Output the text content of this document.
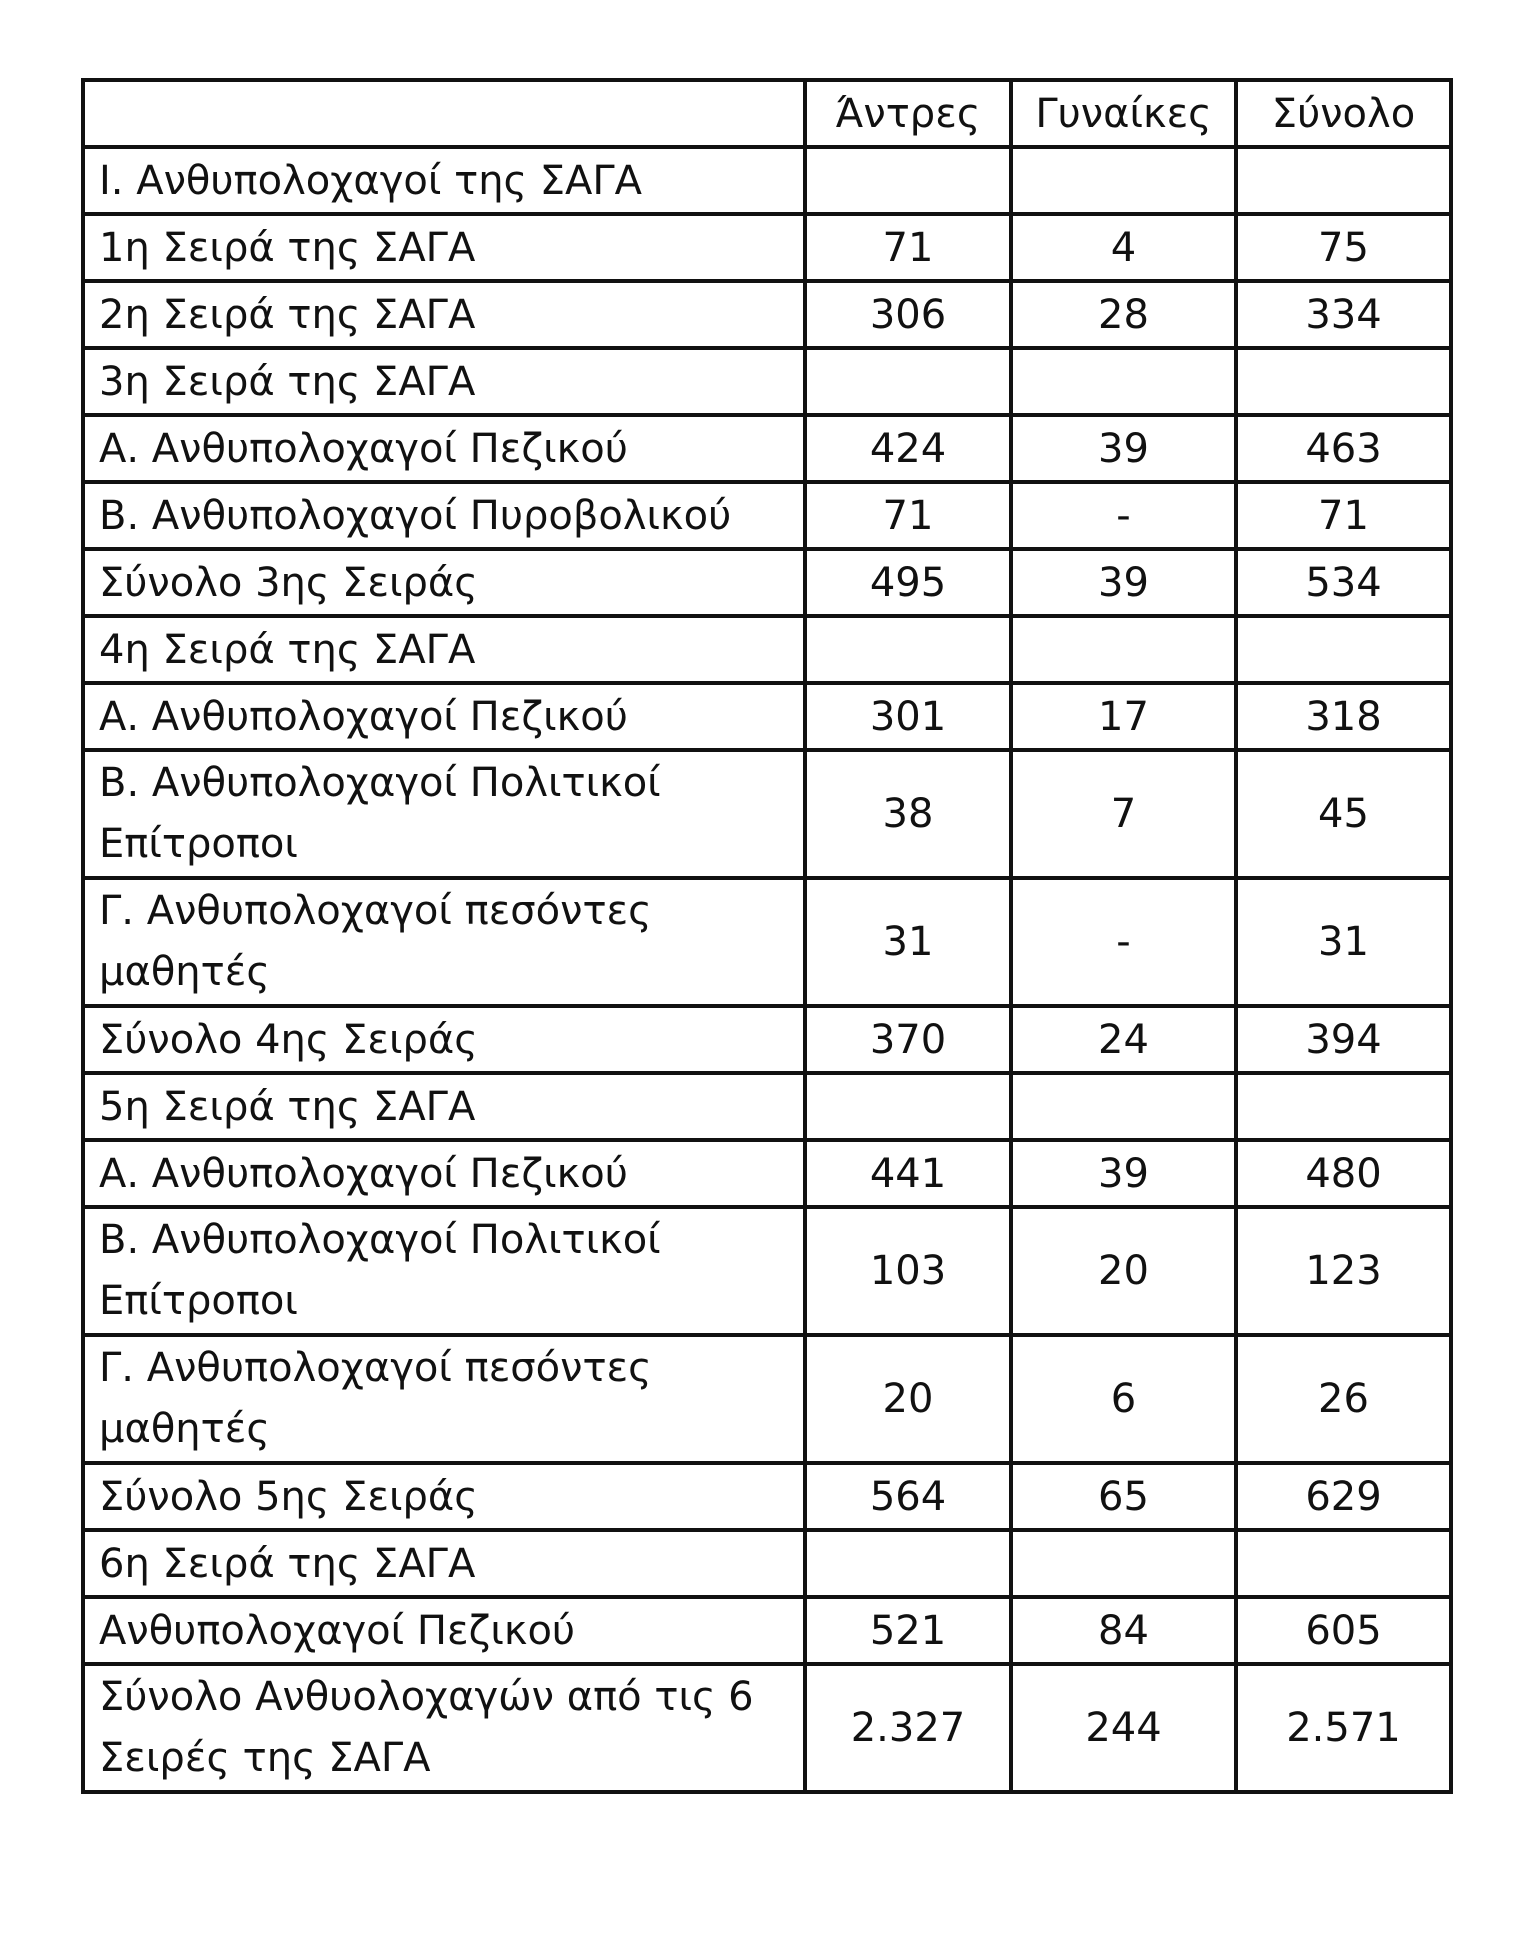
	Άντρες	Γυναίκες	Σύνολο
Ι. Ανθυπολοχαγοί της ΣΑΓΑ			
1η Σειρά της ΣΑΓΑ	71	4	75
2η Σειρά της ΣΑΓΑ	306	28	334
3η Σειρά της ΣΑΓΑ			
Α. Ανθυπολοχαγοί Πεζικού	424	39	463
Β. Ανθυπολοχαγοί Πυροβολικού	71	-	71
Σύνολο 3ης Σειράς	495	39	534
4η Σειρά της ΣΑΓΑ			
Α. Ανθυπολοχαγοί Πεζικού	301	17	318
Β. Ανθυπολοχαγοί Πολιτικοί Επίτροποι	38	7	45
Γ. Ανθυπολοχαγοί πεσόντες μαθητές	31	-	31
Σύνολο 4ης Σειράς	370	24	394
5η Σειρά της ΣΑΓΑ			
Α. Ανθυπολοχαγοί Πεζικού	441	39	480
Β. Ανθυπολοχαγοί Πολιτικοί Επίτροποι	103	20	123
Γ. Ανθυπολοχαγοί πεσόντες μαθητές	20	6	26
Σύνολο 5ης Σειράς	564	65	629
6η Σειρά της ΣΑΓΑ			
Ανθυπολοχαγοί Πεζικού	521	84	605
Σύνολο Ανθυολοχαγών από τις 6 Σειρές της ΣΑΓΑ	2.327	244	2.571
